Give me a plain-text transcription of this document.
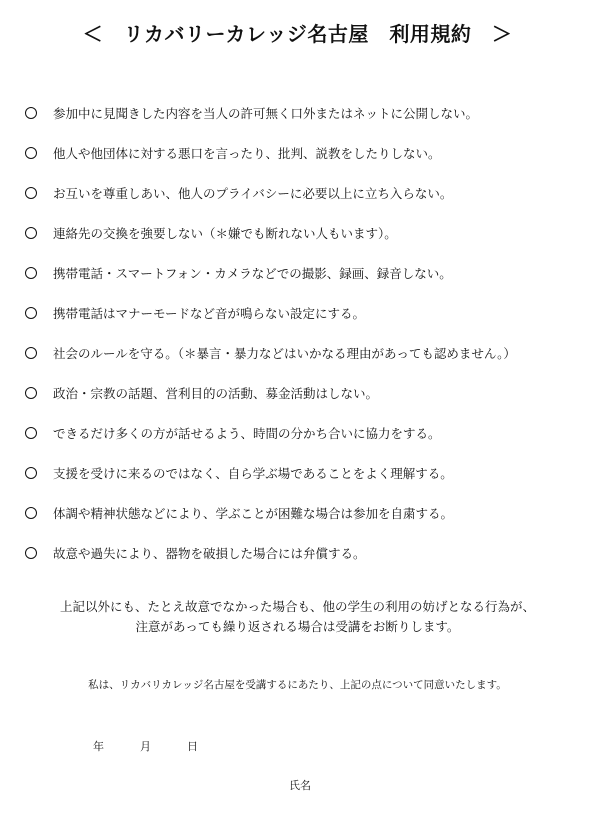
＜　リカバリーカレッジ名古屋　利用規約　＞
参加中に見聞きした内容を当人の許可無く口外またはネットに公開しない。
他人や他団体に対する悪口を言ったり、批判、説教をしたりしない。
お互いを尊重しあい、他人のプライバシーに必要以上に立ち入らない。
連絡先の交換を強要しない（＊嫌でも断れない人もいます）。
携帯電話・スマートフォン・カメラなどでの撮影、録画、録音しない。
携帯電話はマナーモードなど音が鳴らない設定にする。
社会のルールを守る。（＊暴言・暴力などはいかなる理由があっても認めません。）
政治・宗教の話題、営利目的の活動、募金活動はしない。
できるだけ多くの方が話せるよう、時間の分かち合いに協力をする。
支援を受けに来るのではなく、自ら学ぶ場であることをよく理解する。
体調や精神状態などにより、学ぶことが困難な場合は参加を自粛する。
故意や過失により、器物を破損した場合には弁償する。
上記以外にも、たとえ故意でなかった場合も、他の学生の利用の妨げとなる行為が、
注意があっても繰り返される場合は受講をお断りします。
私は、リカバリカレッジ名古屋を受講するにあたり、上記の点について同意いたします。
年	月	日
氏名
